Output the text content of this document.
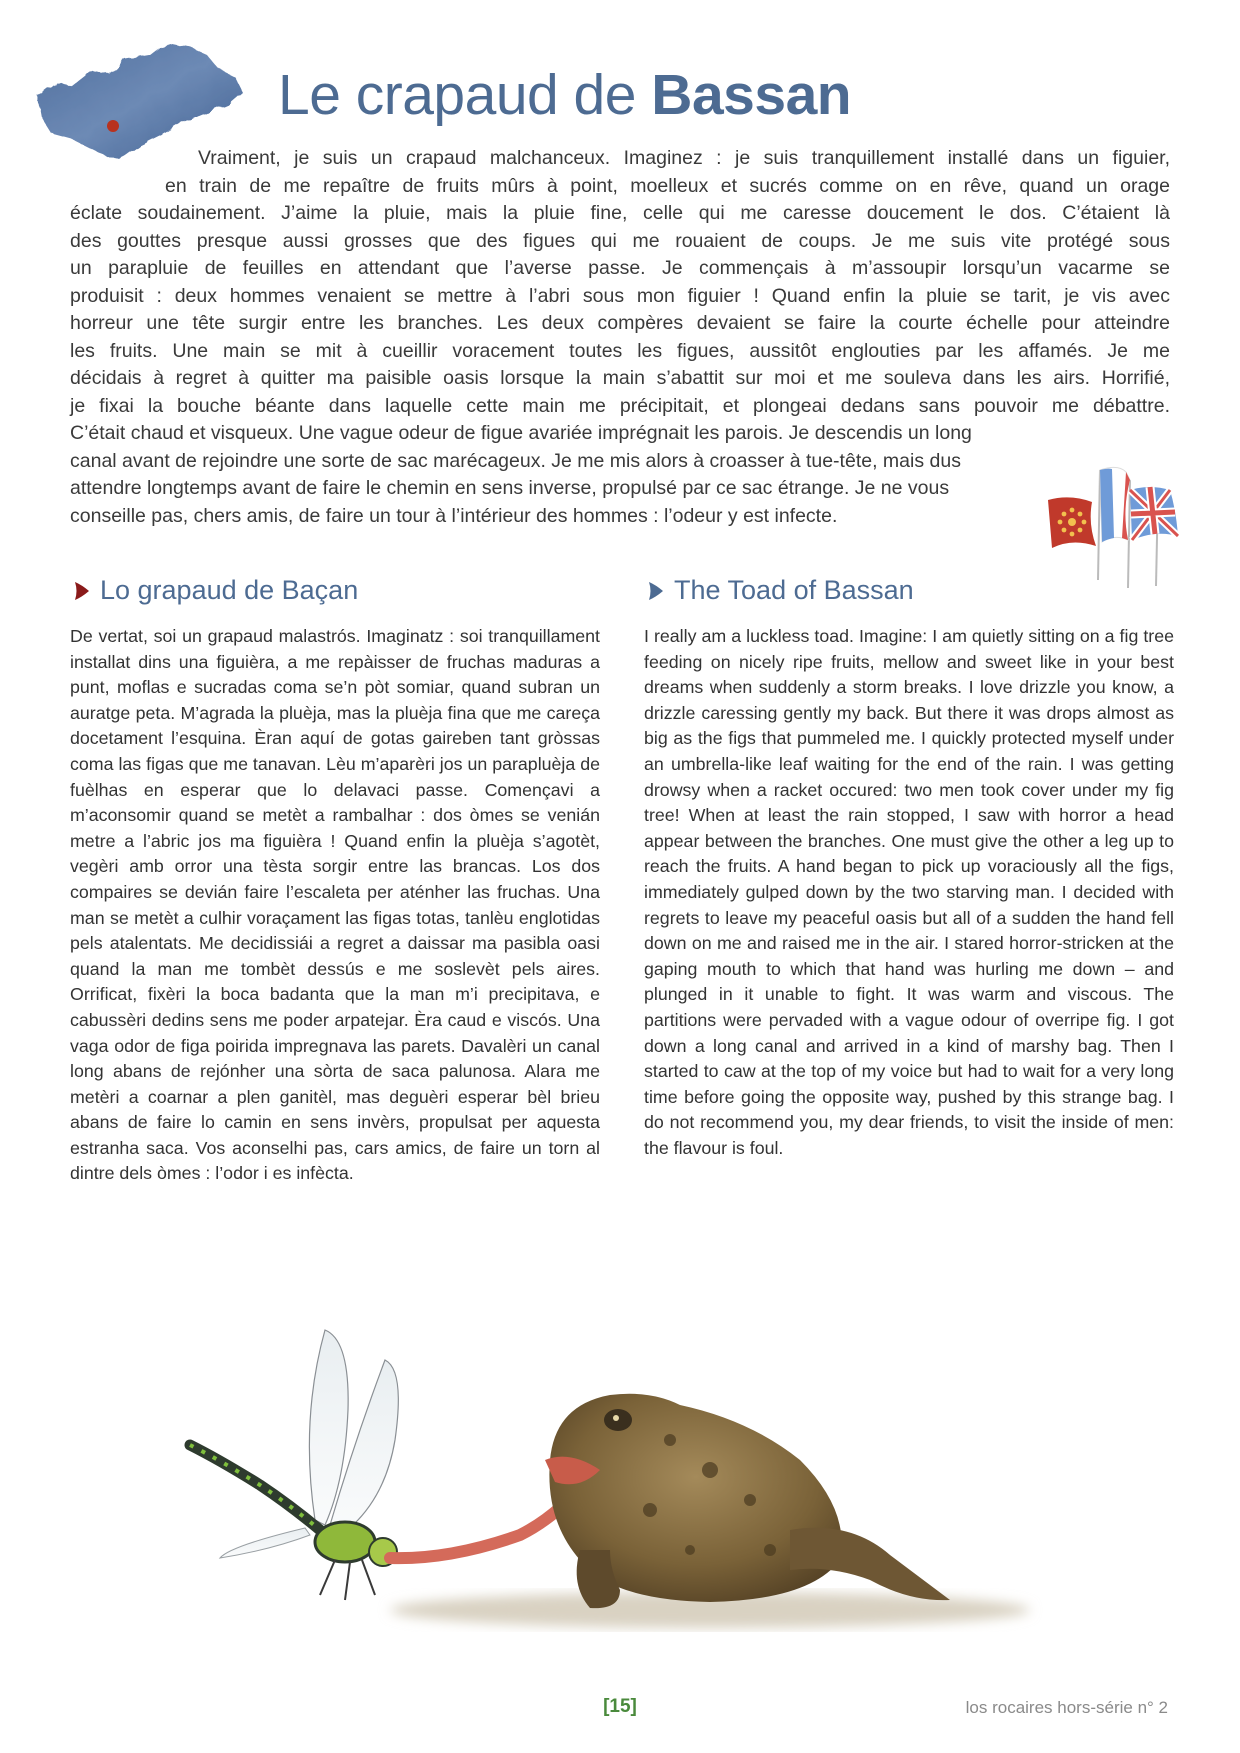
Le crapaud de Bassan

Vraiment, je suis un crapaud malchanceux. Imaginez : je suis tranquillement installé dans un figuier,
en train de me repaître de fruits mûrs à point, moelleux et sucrés comme on en rêve, quand un orage
éclate soudainement. J’aime la pluie, mais la pluie fine, celle qui me caresse doucement le dos. C’étaient là
des gouttes presque aussi grosses que des figues qui me rouaient de coups. Je me suis vite protégé sous
un parapluie de feuilles en attendant que l’averse passe. Je commençais à m’assoupir lorsqu’un vacarme se
produisit : deux hommes venaient se mettre à l’abri sous mon figuier ! Quand enfin la pluie se tarit, je vis avec
horreur une tête surgir entre les branches. Les deux compères devaient se faire la courte échelle pour atteindre
les fruits. Une main se mit à cueillir voracement toutes les figues, aussitôt englouties par les affamés. Je me
décidais à regret à quitter ma paisible oasis lorsque la main s’abattit sur moi et me souleva dans les airs. Horrifié,
je fixai la bouche béante dans laquelle cette main me précipitait, et plongeai dedans sans pouvoir me débattre.
C’était chaud et visqueux. Une vague odeur de figue avariée imprégnait les parois. Je descendis un long
canal avant de rejoindre une sorte de sac marécageux. Je me mis alors à croasser à tue-tête, mais dus
attendre longtemps avant de faire le chemin en sens inverse, propulsé par ce sac étrange. Je ne vous
conseille pas, chers amis, de faire un tour à l’intérieur des hommes : l’odeur y est infecte.

Lo grapaud de Baçan

De vertat, soi un grapaud malastrós. Imaginatz : soi tranquillament installat dins una figuièra, a me repàisser de fruchas maduras a punt, moflas e sucradas coma se’n pòt somiar, quand subran un auratge peta. M’agrada la pluèja, mas la pluèja fina que me careça docetament l’esquina. Èran aquí de gotas gaireben tant gròssas coma las figas que me tanavan. Lèu m’aparèri jos un parapluèja de fuèlhas en esperar que lo delavaci passe. Començavi a m’aconsomir quand se metèt a rambalhar : dos òmes se venián metre a l’abric jos ma figuièra ! Quand enfin la pluèja s’agotèt, vegèri amb orror una tèsta sorgir entre las brancas. Los dos compaires se devián faire l’escaleta per aténher las fruchas. Una man se metèt a culhir voraçament las figas totas, tanlèu englotidas pels atalentats. Me decidissiái a regret a daissar ma pasibla oasi quand la man me tombèt dessús e me soslevèt pels aires. Orrificat, fixèri la boca badanta que la man m’i precipitava, e cabussèri dedins sens me poder arpatejar. Èra caud e viscós. Una vaga odor de figa poirida impregnava las parets. Davalèri un canal long abans de rejónher una sòrta de saca palunosa. Alara me metèri a coarnar a plen ganitèl, mas deguèri esperar bèl brieu abans de faire lo camin en sens invèrs, propulsat per aquesta estranha saca. Vos aconselhi pas, cars amics, de faire un torn al dintre dels òmes : l’odor i es infècta.

The Toad of Bassan

I really am a luckless toad. Imagine: I am quietly sitting on a fig tree feeding on nicely ripe fruits, mellow and sweet like in your best dreams when suddenly a storm breaks. I love drizzle you know, a drizzle caressing gently my back. But there it was drops almost as big as the figs that pummeled me. I quickly protected myself under an umbrella-like leaf waiting for the end of the rain. I was getting drowsy when a racket occured: two men took cover under my fig tree! When at least the rain stopped, I saw with horror a head appear between the branches. One must give the other a leg up to reach the fruits. A hand began to pick up voraciously all the figs, immediately gulped down by the two starving man. I decided with regrets to leave my peaceful oasis but all of a sudden the hand fell down on me and raised me in the air. I stared horror-stricken at the gaping mouth to which that hand was hurling me down – and plunged in it unable to fight. It was warm and viscous. The partitions were pervaded with a vague odour of overripe fig. I got down a long canal and arrived in a kind of marshy bag. Then I started to caw at the top of my voice but had to wait for a very long time before going the opposite way, pushed by this strange bag. I do not recommend you, my dear friends, to visit the inside of men: the flavour is foul.

[15]	los rocaires hors-série n° 2
